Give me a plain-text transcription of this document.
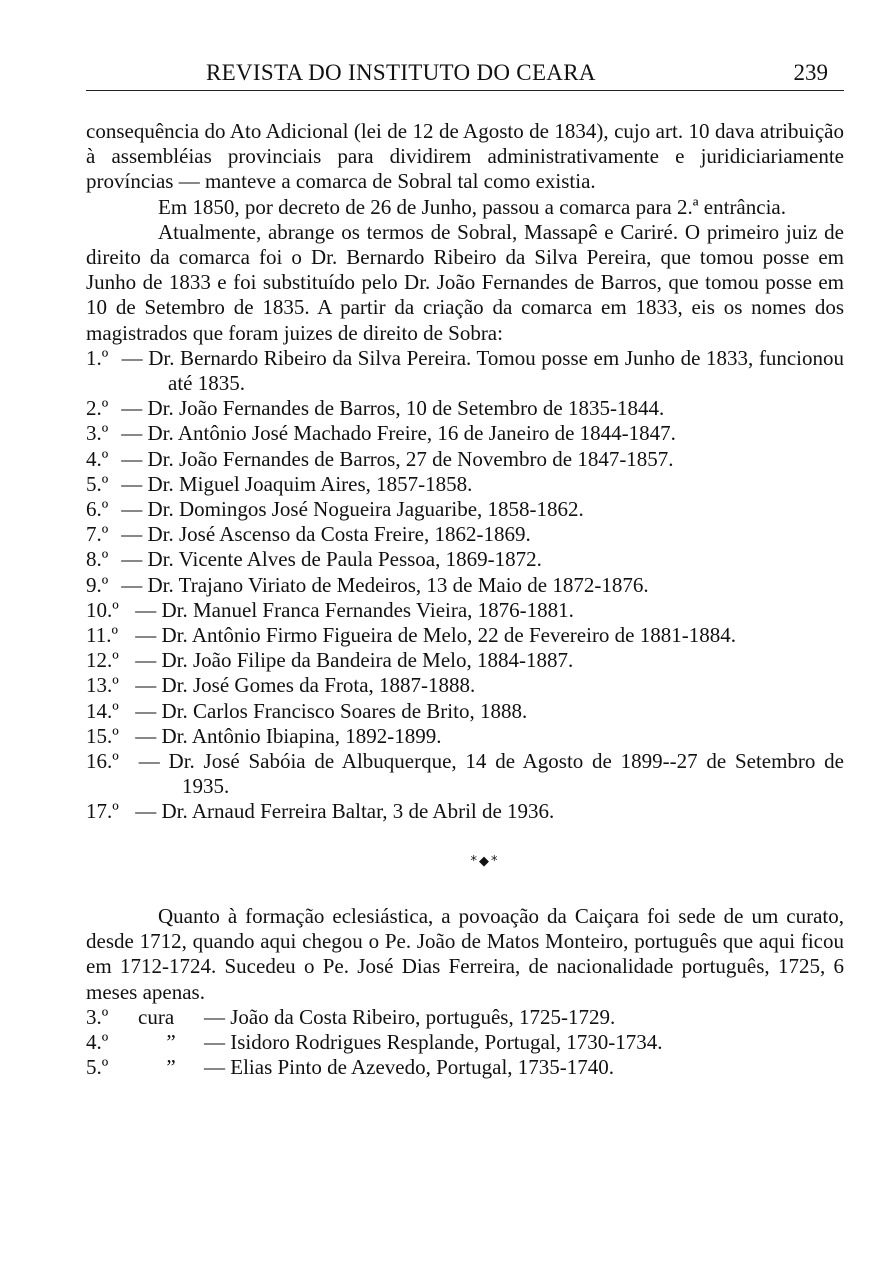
REVISTA DO INSTITUTO DO CEARA	239

consequência do Ato Adicional (lei de 12 de Agosto de 1834), cujo art. 10 dava atribuição à assembléias provinciais para dividirem administrativamente e juridiciariamente províncias — manteve a comarca de Sobral tal como existia.

Em 1850, por decreto de 26 de Junho, passou a comarca para 2.ª entrância.

Atualmente, abrange os termos de Sobral, Massapê e Cariré. O primeiro juiz de direito da comarca foi o Dr. Bernardo Ribeiro da Silva Pereira, que tomou posse em Junho de 1833 e foi substituído pelo Dr. João Fernandes de Barros, que tomou posse em 10 de Setembro de 1835. A partir da criação da comarca em 1833, eis os nomes dos magistrados que foram juizes de direito de Sobra:

1.º — Dr. Bernardo Ribeiro da Silva Pereira. Tomou posse em Junho de 1833, funcionou até 1835.

2.º — Dr. João Fernandes de Barros, 10 de Setembro de 1835-1844.

3.º — Dr. Antônio José Machado Freire, 16 de Janeiro de 1844-1847.

4.º — Dr. João Fernandes de Barros, 27 de Novembro de 1847-1857.

5.º — Dr. Miguel Joaquim Aires, 1857-1858.

6.º — Dr. Domingos José Nogueira Jaguaribe, 1858-1862.

7.º — Dr. José Ascenso da Costa Freire, 1862-1869.

8.º — Dr. Vicente Alves de Paula Pessoa, 1869-1872.

9.º — Dr. Trajano Viriato de Medeiros, 13 de Maio de 1872-1876.

10.º — Dr. Manuel Franca Fernandes Vieira, 1876-1881.

11.º — Dr. Antônio Firmo Figueira de Melo, 22 de Fevereiro de 1881-1884.

12.º — Dr. João Filipe da Bandeira de Melo, 1884-1887.

13.º — Dr. José Gomes da Frota, 1887-1888.

14.º — Dr. Carlos Francisco Soares de Brito, 1888.

15.º — Dr. Antônio Ibiapina, 1892-1899.

16.º — Dr. José Sabóia de Albuquerque, 14 de Agosto de 1899--27 de Setembro de 1935.

17.º — Dr. Arnaud Ferreira Baltar, 3 de Abril de 1936.

*◆*

Quanto à formação eclesiástica, a povoação da Caiçara foi sede de um curato, desde 1712, quando aqui chegou o Pe. João de Matos Monteiro, português que aqui ficou em 1712-1724. Sucedeu o Pe. José Dias Ferreira, de nacionalidade português, 1725, 6 meses apenas.

3.º cura — João da Costa Ribeiro, português, 1725-1729.

4.º	” — Isidoro Rodrigues Resplande, Portugal, 1730-1734.

5.º	” — Elias Pinto de Azevedo, Portugal, 1735-1740.
